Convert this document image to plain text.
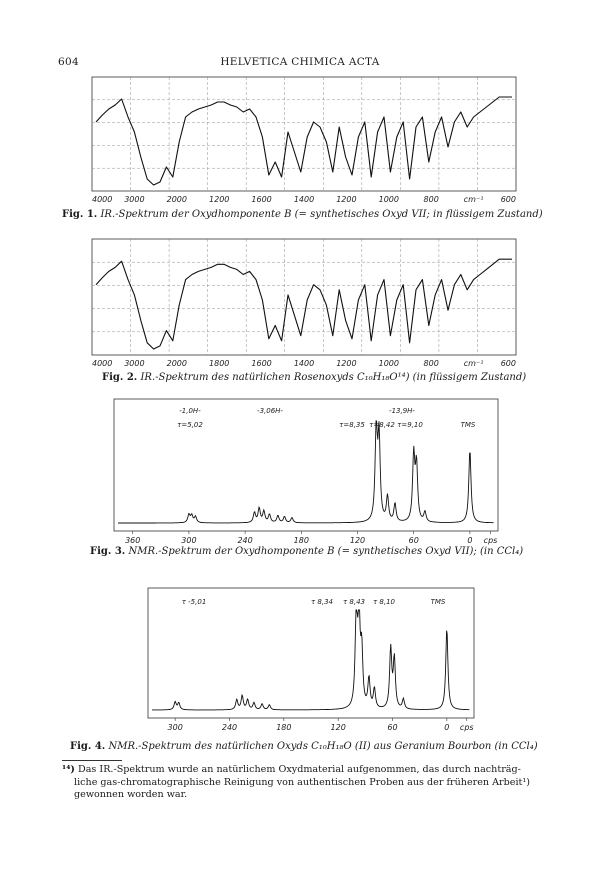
604	HELVETICA CHIMICA ACTA
4000 3000	2000	1200	1600	1400	1200	1000	800	cm⁻¹ 600
Fig. 1. IR.-Spektrum der Oxydhomponente B (= synthetisches Oxyd VII; in flüssigem Zustand)
4000 3000	2000	1800	1600	1400	1200	1000	800	cm⁻¹ 600
Fig. 2. IR.-Spektrum des natürlichen Rosenoxyds C₁₀H₁₈O¹⁴) (in flüssigem Zustand)
360	300	240	180	120	60	0 cps
-1,0H-	-3,06H-	-13,9H-
τ=5,02	τ=8,35 τ=8,42 τ=9,10	TMS
Fig. 3. NMR.-Spektrum der Oxydhomponente B (= synthetisches Oxyd VII); (in CCl₄)
300	240	180	120	60	0 cps
τ -5,01	τ 8,34 τ 8,43 τ 8,10	TMS
Fig. 4. NMR.-Spektrum des natürlichen Oxyds C₁₀H₁₈O (II) aus Geranium Bourbon (in CCl₄)
¹⁴) Das IR.-Spektrum wurde an natürlichem Oxydmaterial aufgenommen, das durch nachträg-
liche gas-chromatographische Reinigung von authentischen Proben aus der früheren Arbeit¹)
gewonnen worden war.
